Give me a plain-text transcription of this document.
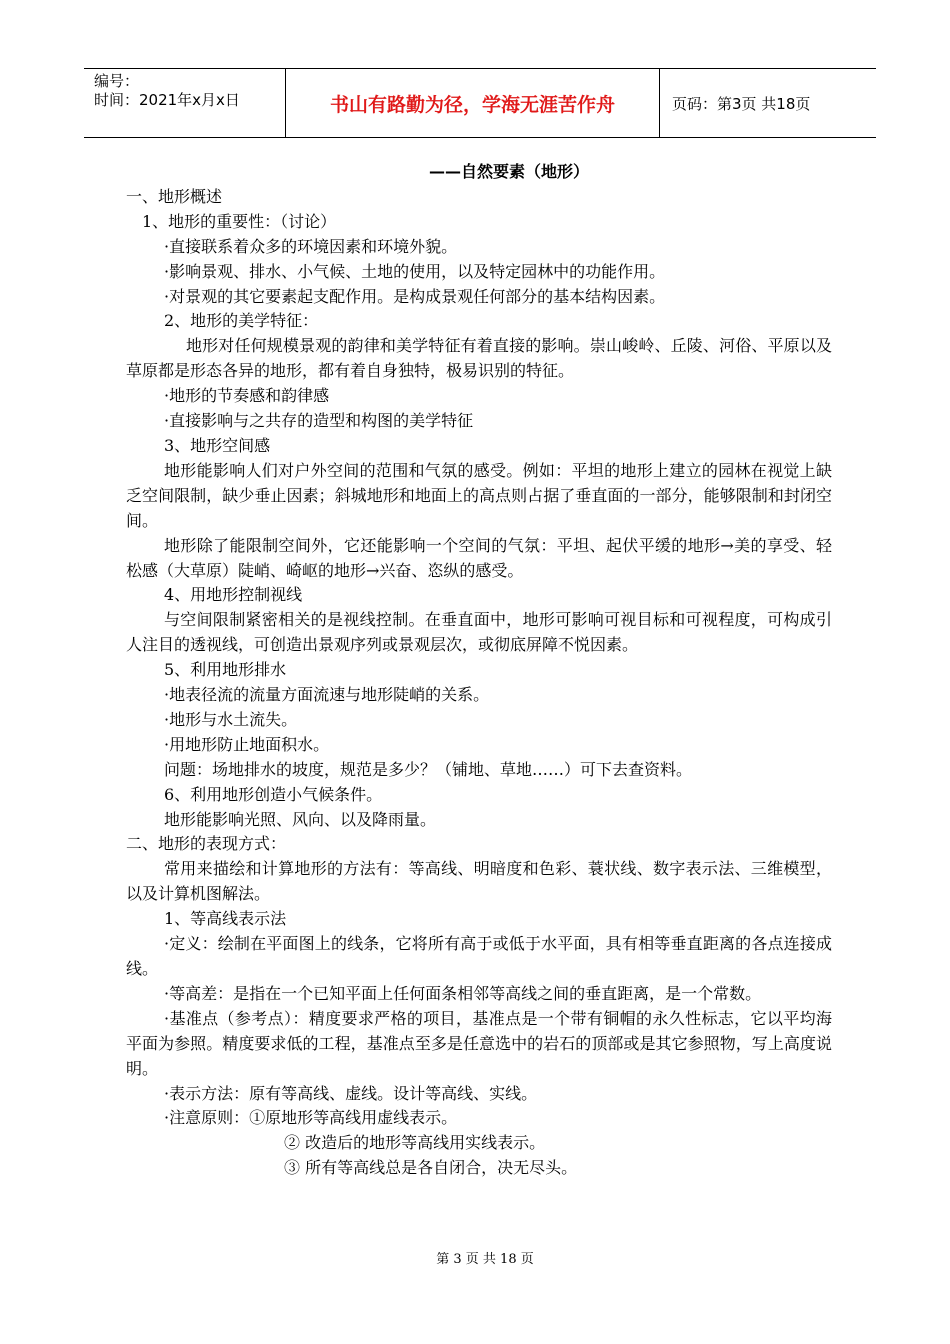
编号：
时间：2021年x月x日	书山有路勤为径，学海无涯苦作舟	页码：第3页 共18页
——自然要素（地形）

一、地形概述

1、地形的重要性：（讨论）

·直接联系着众多的环境因素和环境外貌。

·影响景观、排水、小气候、土地的使用，以及特定园林中的功能作用。

·对景观的其它要素起支配作用。是构成景观任何部分的基本结构因素。

2、地形的美学特征：

地形对任何规模景观的韵律和美学特征有着直接的影响。崇山峻岭、丘陵、河俗、平原以及草原都是形态各异的地形，都有着自身独特，极易识别的特征。

·地形的节奏感和韵律感

·直接影响与之共存的造型和构图的美学特征

3、地形空间感

地形能影响人们对户外空间的范围和气氛的感受。例如：平坦的地形上建立的园林在视觉上缺乏空间限制，缺少垂止因素；斜城地形和地面上的高点则占据了垂直面的一部分，能够限制和封闭空间。

地形除了能限制空间外，它还能影响一个空间的气氛：平坦、起伏平缓的地形→美的享受、轻松感（大草原）陡峭、崎岖的地形→兴奋、恣纵的感受。

4、用地形控制视线

与空间限制紧密相关的是视线控制。在垂直面中，地形可影响可视目标和可视程度，可构成引人注目的透视线，可创造出景观序列或景观层次，或彻底屏障不悦因素。

5、利用地形排水

·地表径流的流量方面流速与地形陡峭的关系。

·地形与水土流失。

·用地形防止地面积水。

问题：场地排水的坡度，规范是多少？（铺地、草地……）可下去查资料。

6、利用地形创造小气候条件。

地形能影响光照、风向、以及降雨量。

二、地形的表现方式：

常用来描绘和计算地形的方法有：等高线、明暗度和色彩、蓑状线、数字表示法、三维模型，以及计算机图解法。

1、等高线表示法

·定义：绘制在平面图上的线条，它将所有高于或低于水平面，具有相等垂直距离的各点连接成线。

·等高差：是指在一个已知平面上任何面条相邻等高线之间的垂直距离，是一个常数。

·基准点（参考点）：精度要求严格的项目，基准点是一个带有铜帽的永久性标志，它以平均海平面为参照。精度要求低的工程，基准点至多是任意选中的岩石的顶部或是其它参照物，写上高度说明。

·表示方法：原有等高线、虚线。设计等高线、实线。

·注意原则：①原地形等高线用虚线表示。

② 改造后的地形等高线用实线表示。

③ 所有等高线总是各自闭合，决无尽头。

第 3 页 共 18 页
